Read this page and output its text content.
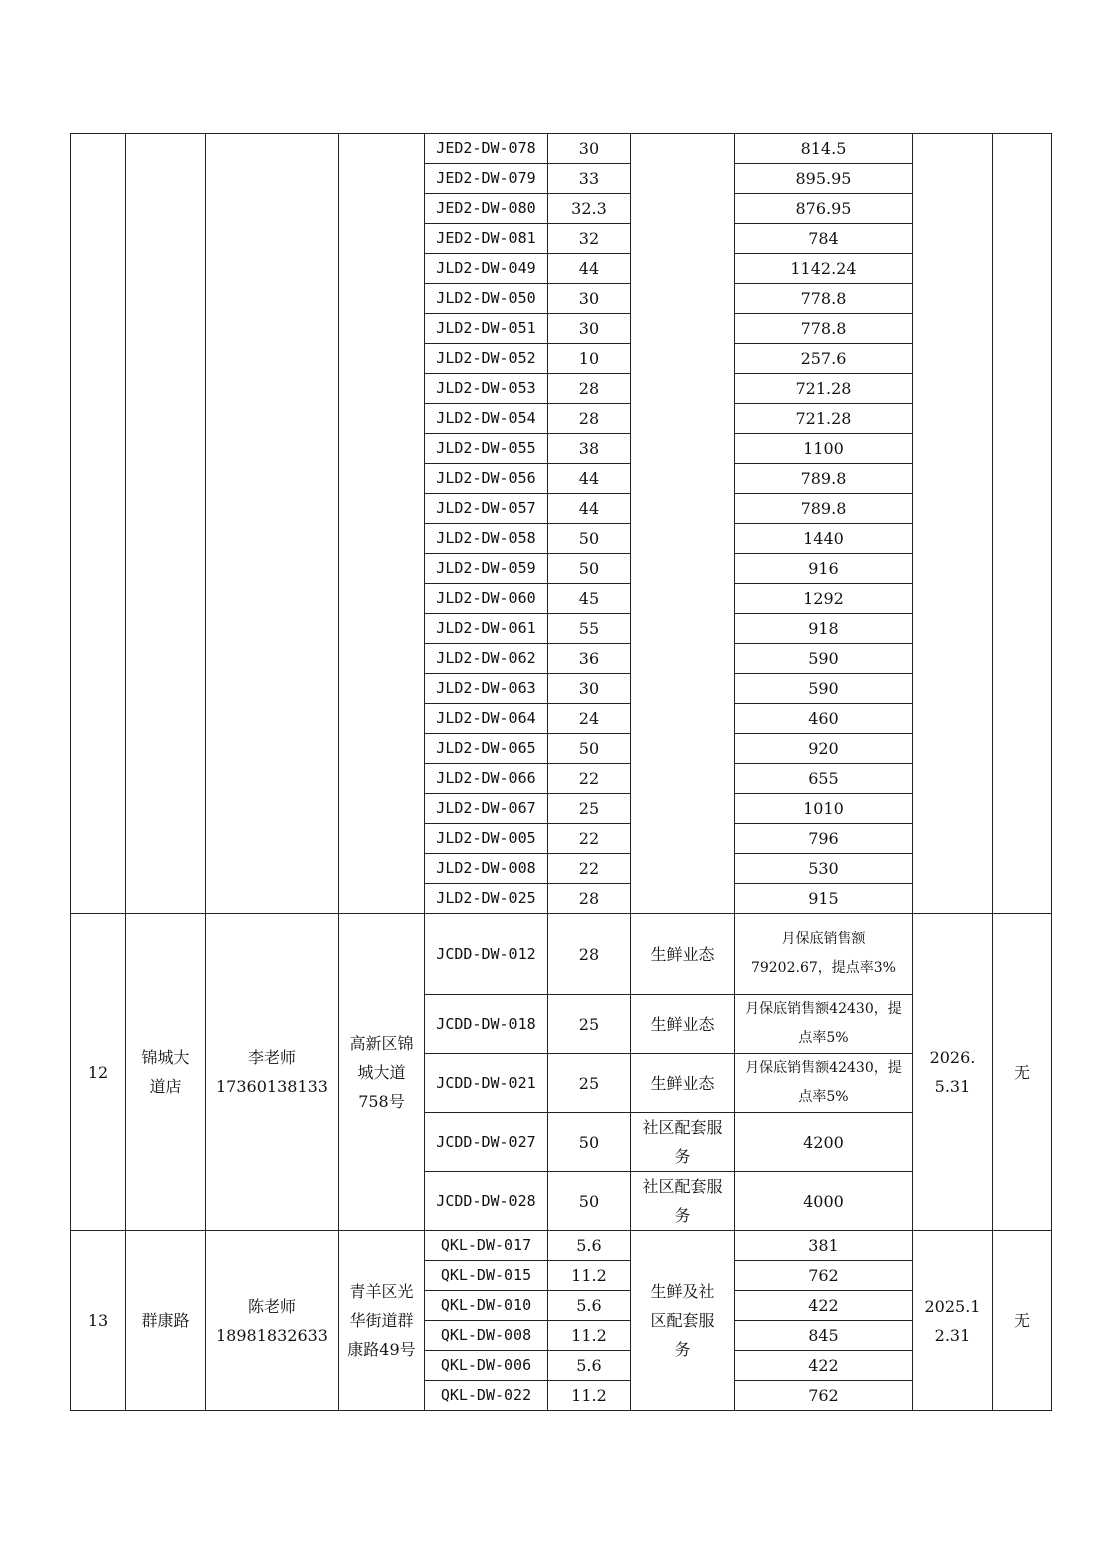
				JED2-DW-078	30		814.5		
				JED2-DW-079	33		895.95		
				JED2-DW-080	32.3		876.95		
				JED2-DW-081	32		784		
				JLD2-DW-049	44		1142.24		
				JLD2-DW-050	30		778.8		
				JLD2-DW-051	30		778.8		
				JLD2-DW-052	10		257.6		
				JLD2-DW-053	28		721.28		
				JLD2-DW-054	28		721.28		
				JLD2-DW-055	38		1100		
				JLD2-DW-056	44		789.8		
				JLD2-DW-057	44		789.8		
				JLD2-DW-058	50		1440		
				JLD2-DW-059	50		916		
				JLD2-DW-060	45		1292		
				JLD2-DW-061	55		918		
				JLD2-DW-062	36		590		
				JLD2-DW-063	30		590		
				JLD2-DW-064	24		460		
				JLD2-DW-065	50		920		
				JLD2-DW-066	22		655		
				JLD2-DW-067	25		1010		
				JLD2-DW-005	22		796		
				JLD2-DW-008	22		530		
				JLD2-DW-025	28		915		
12	锦城大道店	李老师17360138133	高新区锦城大道758号	JCDD-DW-012	28	生鲜业态	月保底销售额79202.67，提点率3%	2026.5.31	无
				JCDD-DW-018	25	生鲜业态	月保底销售额42430，提点率5%		
				JCDD-DW-021	25	生鲜业态	月保底销售额42430，提点率5%		
				JCDD-DW-027	50	社区配套服务	4200		
				JCDD-DW-028	50	社区配套服务	4000		
13	群康路	陈老师18981832633	青羊区光华街道群康路49号	QKL-DW-017	5.6	生鲜及社区配套服务	381	2025.12.31	无
				QKL-DW-015	11.2		762		
				QKL-DW-010	5.6		422		
				QKL-DW-008	11.2		845		
				QKL-DW-006	5.6		422		
				QKL-DW-022	11.2		762		
